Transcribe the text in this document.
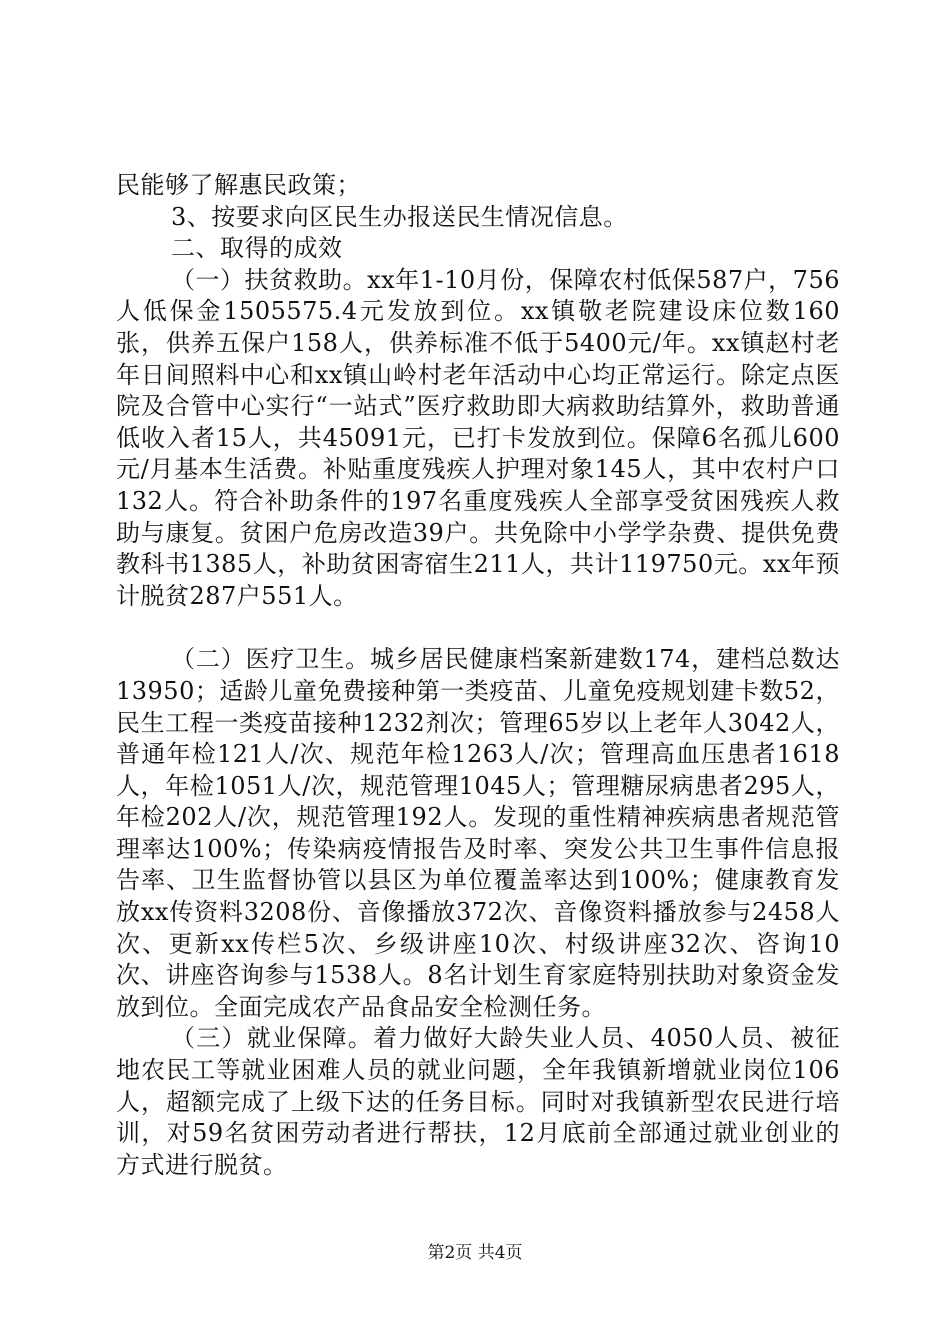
民能够了解惠民政策；

3、按要求向区民生办报送民生情况信息。

二、取得的成效

（一）扶贫救助。xx年1-10月份，保障农村低保587户，756人低保金1505575.4元发放到位。xx镇敬老院建设床位数160张，供养五保户158人，供养标准不低于5400元/年。xx镇赵村老年日间照料中心和xx镇山岭村老年活动中心均正常运行。除定点医院及合管中心实行“一站式”医疗救助即大病救助结算外，救助普通低收入者15人，共45091元，已打卡发放到位。保障6名孤儿600元/月基本生活费。补贴重度残疾人护理对象145人，其中农村户口132人。符合补助条件的197名重度残疾人全部享受贫困残疾人救助与康复。贫困户危房改造39户。共免除中小学学杂费、提供免费教科书1385人，补助贫困寄宿生211人，共计119750元。xx年预计脱贫287户551人。

（二）医疗卫生。城乡居民健康档案新建数174，建档总数达13950；适龄儿童免费接种第一类疫苗、儿童免疫规划建卡数52，民生工程一类疫苗接种1232剂次；管理65岁以上老年人3042人，普通年检121人/次、规范年检1263人/次；管理高血压患者1618人，年检1051人/次，规范管理1045人；管理糖尿病患者295人，年检202人/次，规范管理192人。发现的重性精神疾病患者规范管理率达100%；传染病疫情报告及时率、突发公共卫生事件信息报告率、卫生监督协管以县区为单位覆盖率达到100%；健康教育发放xx传资料3208份、音像播放372次、音像资料播放参与2458人次、更新xx传栏5次、乡级讲座10次、村级讲座32次、咨询10次、讲座咨询参与1538人。8名计划生育家庭特别扶助对象资金发放到位。全面完成农产品食品安全检测任务。

（三）就业保障。着力做好大龄失业人员、4050人员、被征地农民工等就业困难人员的就业问题，全年我镇新增就业岗位106人，超额完成了上级下达的任务目标。同时对我镇新型农民进行培训，对59名贫困劳动者进行帮扶，12月底前全部通过就业创业的方式进行脱贫。

第2页 共4页
